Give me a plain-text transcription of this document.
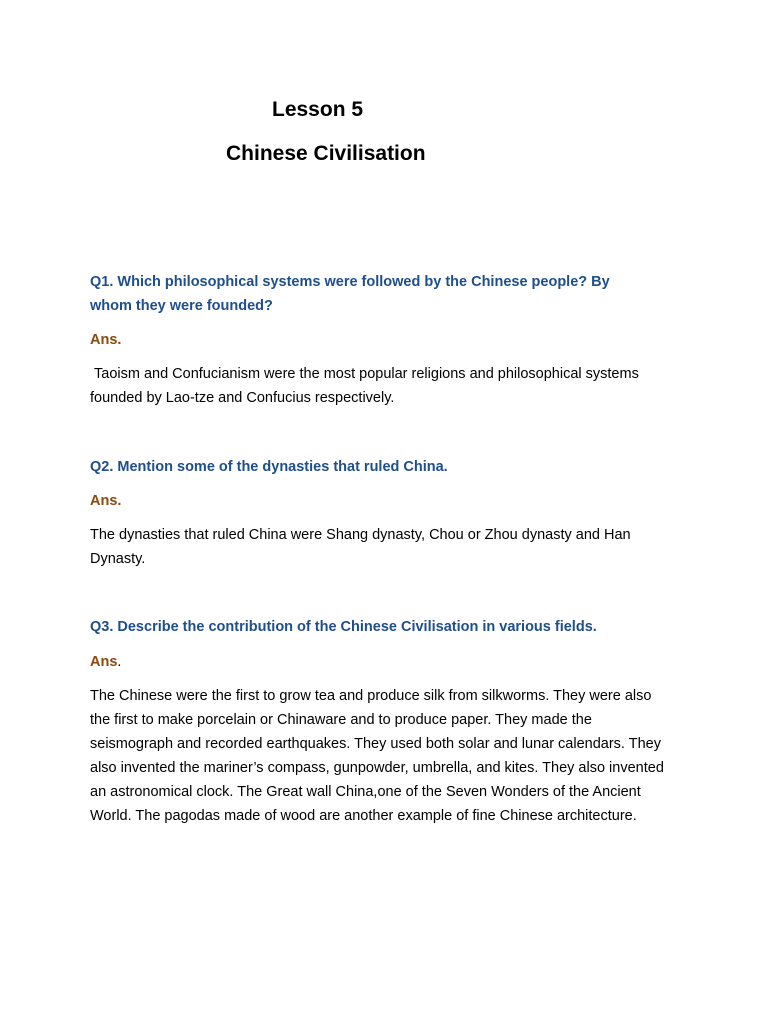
Lesson 5
Chinese Civilisation

Q1. Which philosophical systems were followed by the Chinese people? By whom they were founded?

Ans.

Taoism and Confucianism were the most popular religions and philosophical systems founded by Lao-tze and Confucius respectively.

Q2. Mention some of the dynasties that ruled China.

Ans.

The dynasties that ruled China were Shang dynasty, Chou or Zhou dynasty and Han Dynasty.

Q3. Describe the contribution of the Chinese Civilisation in various fields.

Ans.

The Chinese were the first to grow tea and produce silk from silkworms. They were also the first to make porcelain or Chinaware and to produce paper. They made the seismograph and recorded earthquakes. They used both solar and lunar calendars. They also invented the mariner’s compass, gunpowder, umbrella, and kites. They also invented an astronomical clock. The Great wall China,one of the Seven Wonders of the Ancient World. The pagodas made of wood are another example of fine Chinese architecture.
